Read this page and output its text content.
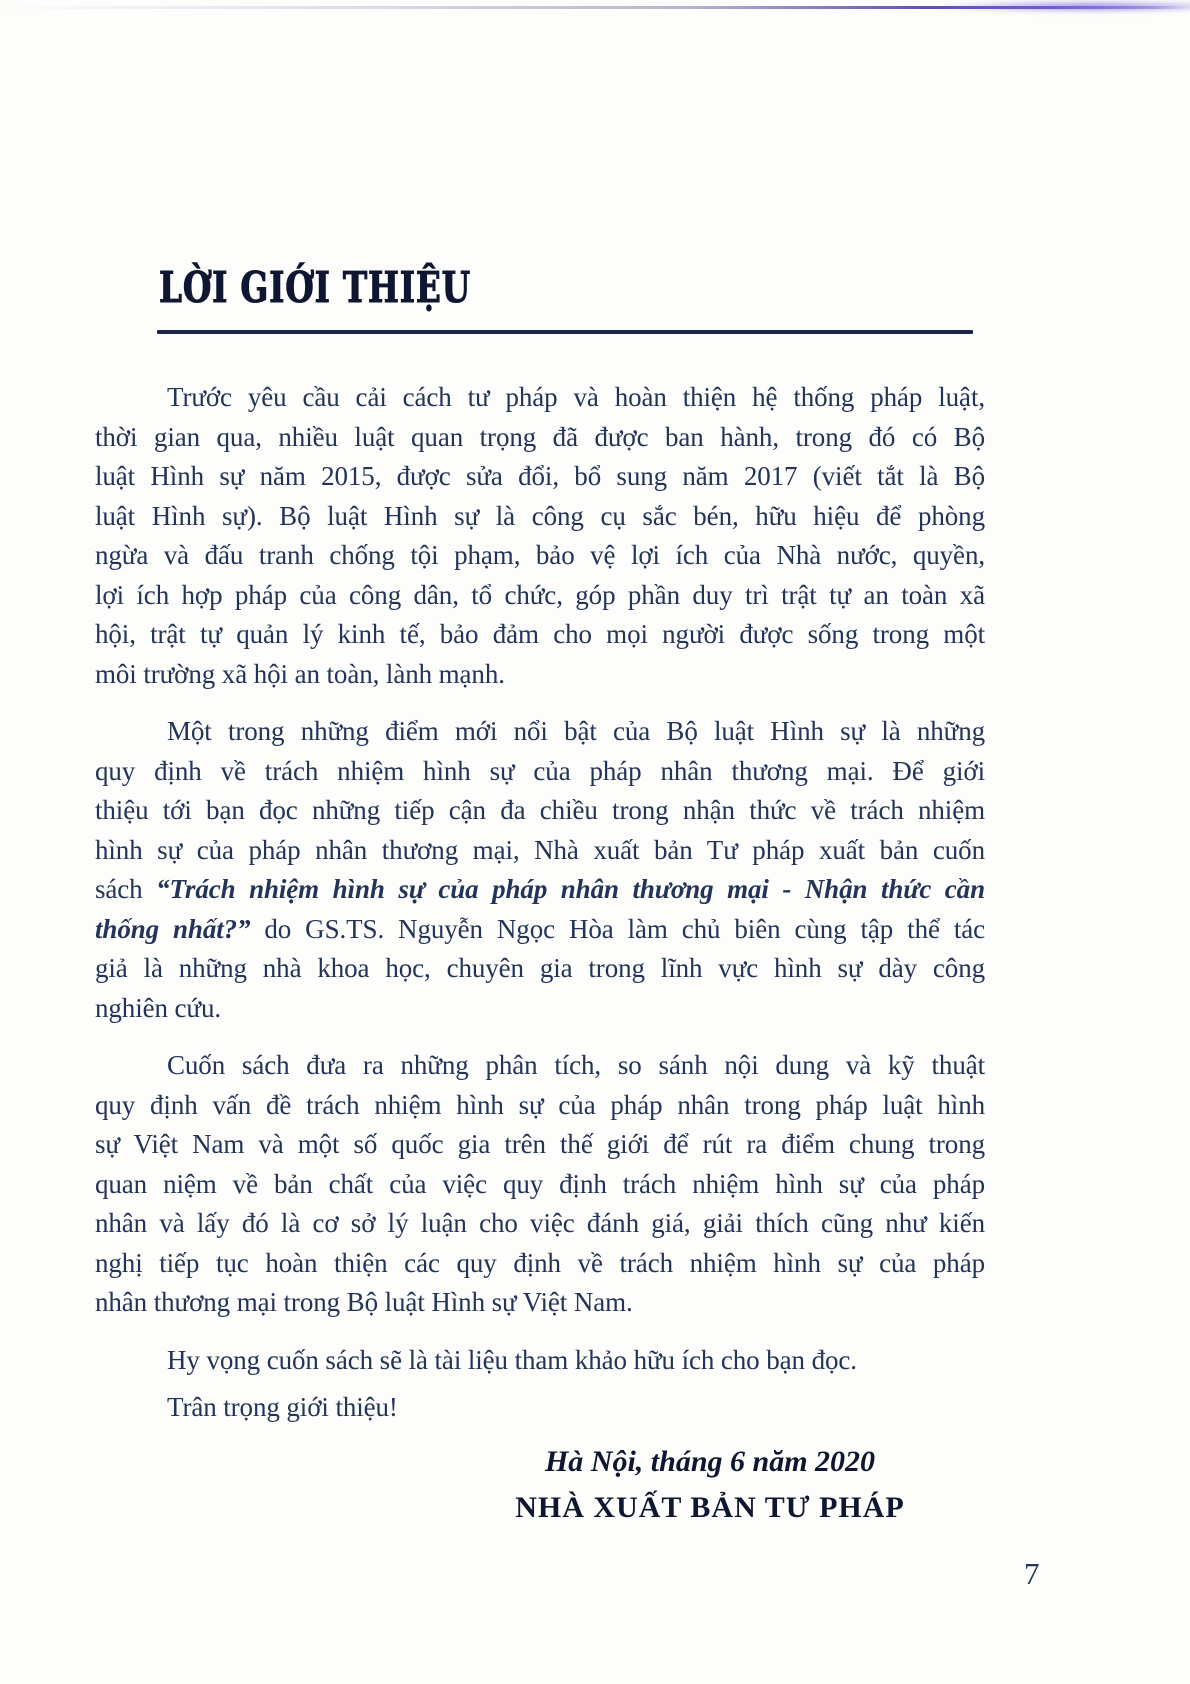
LỜI GIỚI THIỆU
Trước yêu cầu cải cách tư pháp và hoàn thiện hệ thống pháp luật,
thời gian qua, nhiều luật quan trọng đã được ban hành, trong đó có Bộ
luật Hình sự năm 2015, được sửa đổi, bổ sung năm 2017 (viết tắt là Bộ
luật Hình sự). Bộ luật Hình sự là công cụ sắc bén, hữu hiệu để phòng
ngừa và đấu tranh chống tội phạm, bảo vệ lợi ích của Nhà nước, quyền,
lợi ích hợp pháp của công dân, tổ chức, góp phần duy trì trật tự an toàn xã
hội, trật tự quản lý kinh tế, bảo đảm cho mọi người được sống trong một
môi trường xã hội an toàn, lành mạnh.
Một trong những điểm mới nổi bật của Bộ luật Hình sự là những
quy định về trách nhiệm hình sự của pháp nhân thương mại. Để giới
thiệu tới bạn đọc những tiếp cận đa chiều trong nhận thức về trách nhiệm
hình sự của pháp nhân thương mại, Nhà xuất bản Tư pháp xuất bản cuốn
sách “Trách nhiệm hình sự của pháp nhân thương mại - Nhận thức cần
thống nhất?” do GS.TS. Nguyễn Ngọc Hòa làm chủ biên cùng tập thể tác
giả là những nhà khoa học, chuyên gia trong lĩnh vực hình sự dày công
nghiên cứu.
Cuốn sách đưa ra những phân tích, so sánh nội dung và kỹ thuật
quy định vấn đề trách nhiệm hình sự của pháp nhân trong pháp luật hình
sự Việt Nam và một số quốc gia trên thế giới để rút ra điểm chung trong
quan niệm về bản chất của việc quy định trách nhiệm hình sự của pháp
nhân và lấy đó là cơ sở lý luận cho việc đánh giá, giải thích cũng như kiến
nghị tiếp tục hoàn thiện các quy định về trách nhiệm hình sự của pháp
nhân thương mại trong Bộ luật Hình sự Việt Nam.
Hy vọng cuốn sách sẽ là tài liệu tham khảo hữu ích cho bạn đọc.
Trân trọng giới thiệu!
Hà Nội, tháng 6 năm 2020
NHÀ XUẤT BẢN TƯ PHÁP
7
